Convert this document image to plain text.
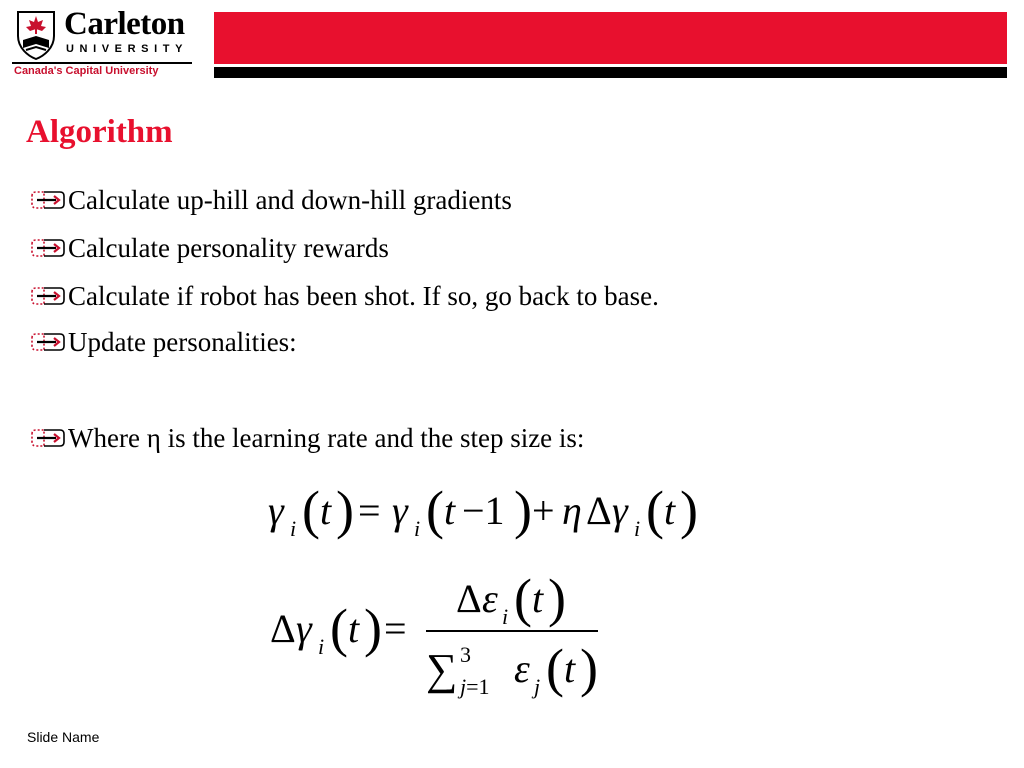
Carleton
UNIVERSITY
Canada's Capital University
Algorithm
Calculate up-hill and down-hill gradients
Calculate personality rewards
Calculate if robot has been shot. If so, go back to base.
Update personalities:
Where η is the learning rate and the step size is:
γ i ( t ) = γ i ( t −1 ) + η Δ γ i ( t )
Δ γ i ( t ) =
Δ ε i ( t )
∑ 3
j=1 ε j ( t )
Slide Name
